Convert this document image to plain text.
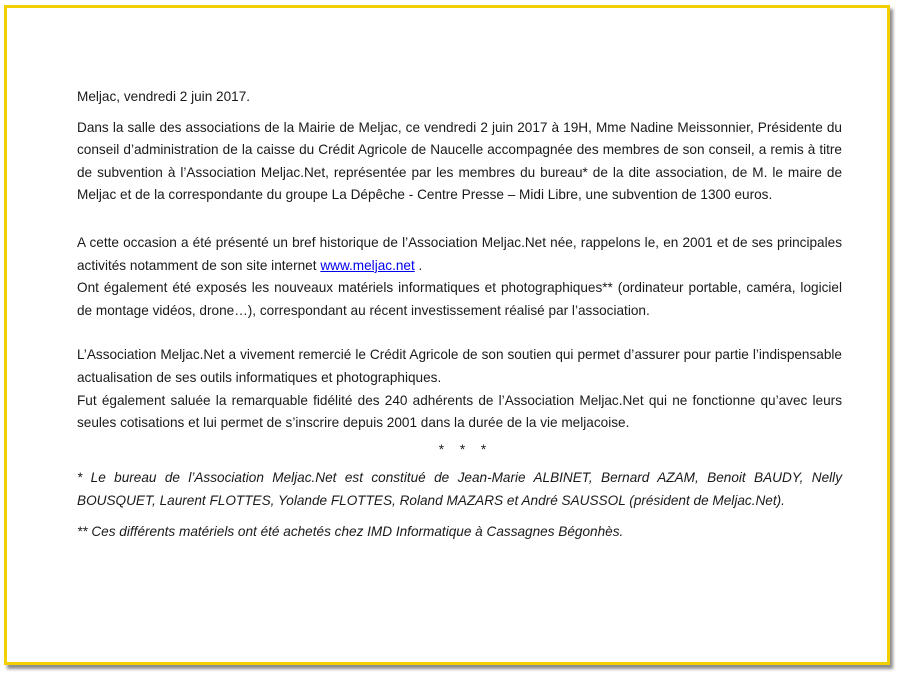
Meljac, vendredi 2 juin 2017.

Dans la salle des associations de la Mairie de Meljac, ce vendredi 2 juin 2017 à 19H, Mme Nadine Meissonnier, Présidente du conseil d’administration de la caisse du Crédit Agricole de Naucelle accompagnée des membres de son conseil, a remis à titre de subvention à l’Association Meljac.Net, représentée par les membres du bureau* de la dite association, de M. le maire de Meljac et de la correspondante du groupe La Dépêche - Centre Presse – Midi Libre, une subvention de 1300 euros.

A cette occasion a été présenté un bref historique de l’Association Meljac.Net née, rappelons le, en 2001 et de ses principales activités notamment de son site internet www.meljac.net .

Ont également été exposés les nouveaux matériels informatiques et photographiques** (ordinateur portable, caméra, logiciel de montage vidéos, drone…), correspondant au récent investissement réalisé par l’association.

L’Association Meljac.Net a vivement remercié le Crédit Agricole de son soutien qui permet d’assurer pour partie l’indispensable actualisation de ses outils informatiques et photographiques.

Fut également saluée la remarquable fidélité des 240 adhérents de l’Association Meljac.Net qui ne fonctionne qu’avec leurs seules cotisations et lui permet de s’inscrire depuis 2001 dans la durée de la vie meljacoise.

* * *

* Le bureau de l’Association Meljac.Net est constitué de Jean-Marie ALBINET, Bernard AZAM, Benoit BAUDY, Nelly BOUSQUET, Laurent FLOTTES, Yolande FLOTTES, Roland MAZARS et André SAUSSOL (président de Meljac.Net).

** Ces différents matériels ont été achetés chez IMD Informatique à Cassagnes Bégonhès.
